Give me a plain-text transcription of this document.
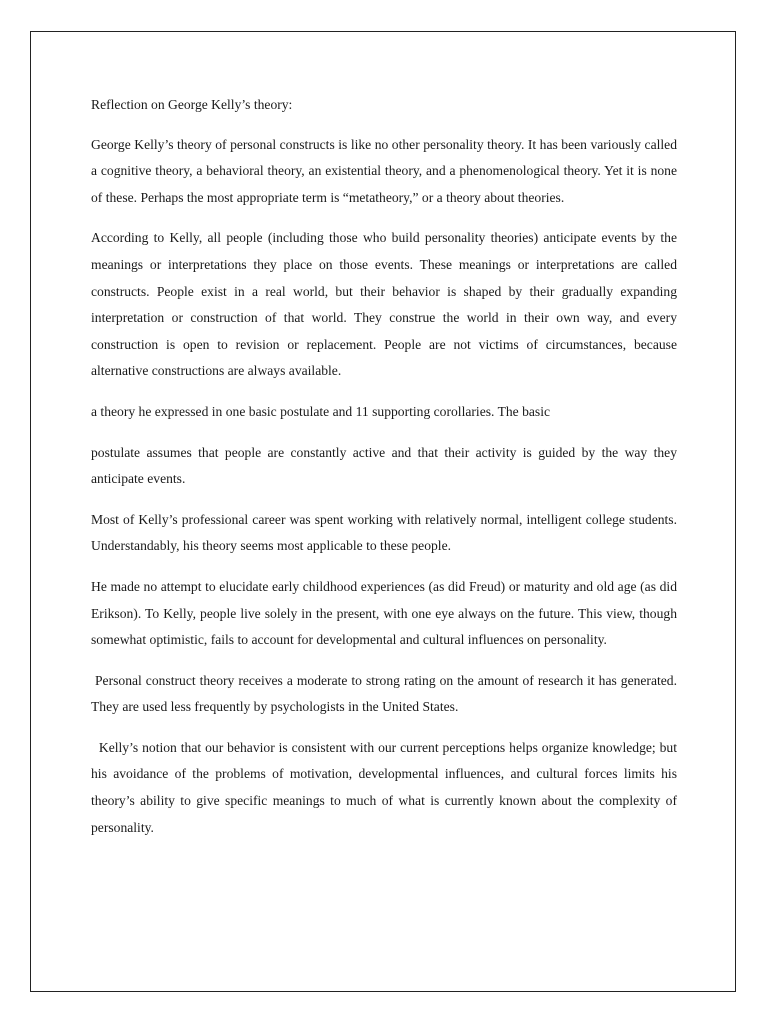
Reflection on George Kelly’s theory:

George Kelly’s theory of personal constructs is like no other personality theory. It has been variously called a cognitive theory, a behavioral theory, an existential theory, and a phenomenological theory. Yet it is none of these. Perhaps the most appropriate term is “metatheory,” or a theory about theories.

According to Kelly, all people (including those who build personality theories) anticipate events by the meanings or interpretations they place on those events. These meanings or interpretations are called constructs. People exist in a real world, but their behavior is shaped by their gradually expanding interpretation or construction of that world. They construe the world in their own way, and every construction is open to revision or replacement. People are not victims of circumstances, because alternative constructions are always available.

a theory he expressed in one basic postulate and 11 supporting corollaries. The basic

postulate assumes that people are constantly active and that their activity is guided by the way they anticipate events.

Most of Kelly’s professional career was spent working with relatively normal, intelligent college students. Understandably, his theory seems most applicable to these people.

He made no attempt to elucidate early childhood experiences (as did Freud) or maturity and old age (as did Erikson). To Kelly, people live solely in the present, with one eye always on the future. This view, though somewhat optimistic, fails to account for developmental and cultural influences on personality.

Personal construct theory receives a moderate to strong rating on the amount of research it has generated. They are used less frequently by psychologists in the United States.

Kelly’s notion that our behavior is consistent with our current perceptions helps organize knowledge; but his avoidance of the problems of motivation, developmental influences, and cultural forces limits his theory’s ability to give specific meanings to much of what is currently known about the complexity of personality.
